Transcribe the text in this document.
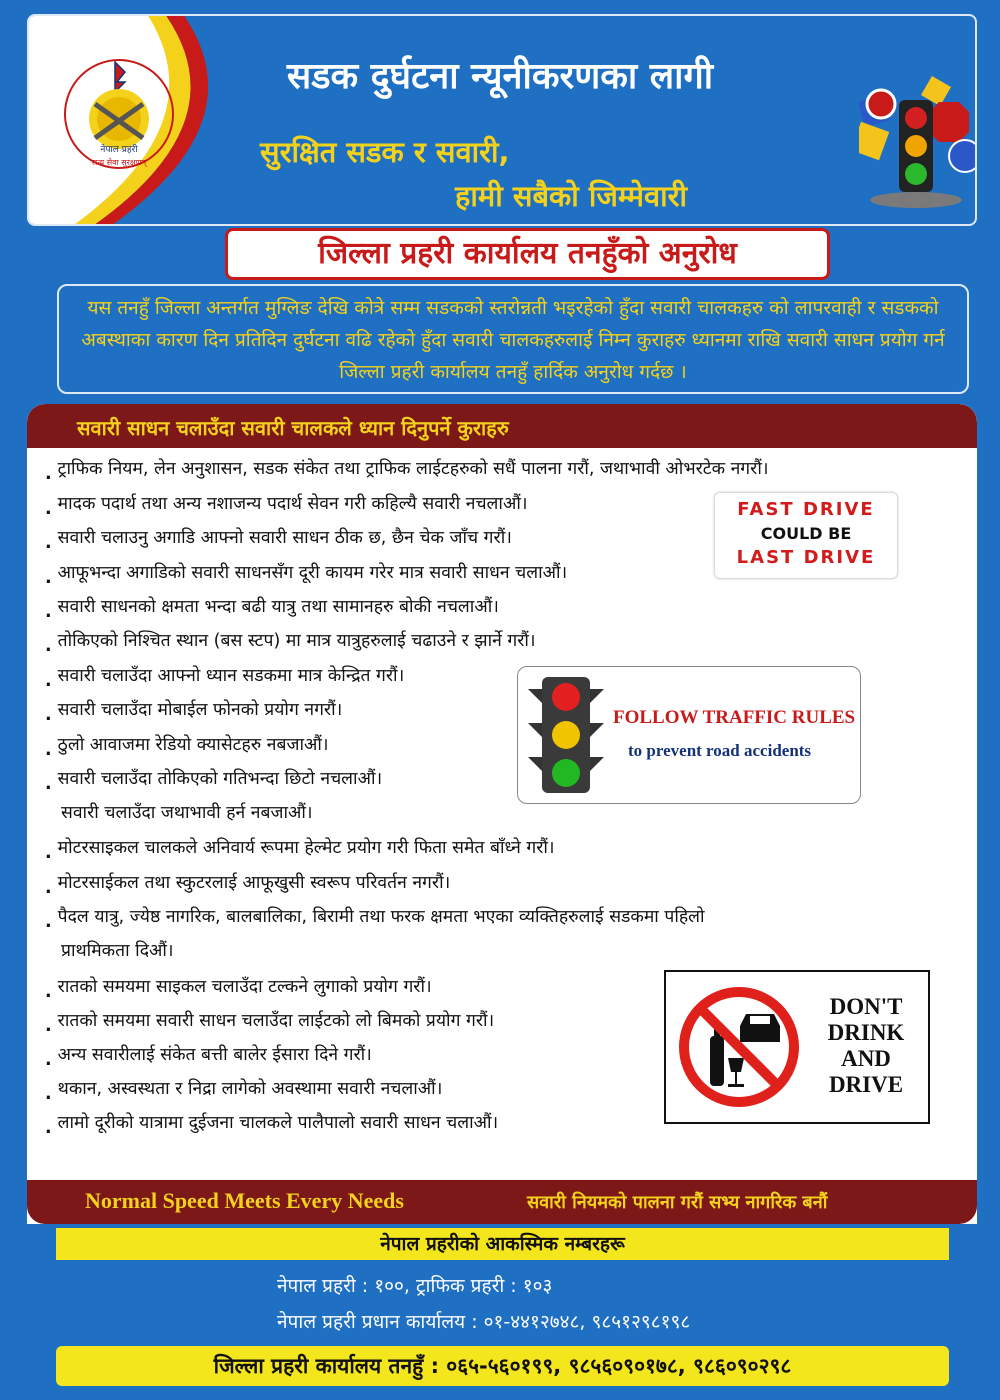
नेपाल प्रहरी
सत्य सेवा सुरक्षणम्
सडक दुर्घटना न्यूनीकरणका लागी
सुरक्षित सडक र सवारी,
हामी सबैको जिम्मेवारी
जिल्ला प्रहरी कार्यालय तनहुँको अनुरोध
यस तनहुँ जिल्ला अन्तर्गत मुग्लिङ देखि कोत्रे सम्म सडकको स्तरोन्नती भइरहेको हुँदा सवारी चालकहरु को लापरवाही र सडकको अबस्थाका कारण दिन प्रतिदिन दुर्घटना वढि रहेको हुँदा सवारी चालकहरुलाई निम्न कुराहरु ध्यानमा राखि सवारी साधन प्रयोग गर्न जिल्ला प्रहरी कार्यालय तनहुँ हार्दिक अनुरोध गर्दछ ।
सवारी साधन चलाउँदा सवारी चालकले ध्यान दिनुपर्ने कुराहरु
. ट्राफिक नियम, लेन अनुशासन, सडक संकेत तथा ट्राफिक लाईटहरुको सधैं पालना गरौं, जथाभावी ओभरटेक नगरौं।
. मादक पदार्थ तथा अन्य नशाजन्य पदार्थ सेवन गरी कहिल्यै सवारी नचलाऔं।
. सवारी चलाउनु अगाडि आफ्नो सवारी साधन ठीक छ, छैन चेक जाँच गरौं।
. आफूभन्दा अगाडिको सवारी साधनसँग दूरी कायम गरेर मात्र सवारी साधन चलाऔं।
. सवारी साधनको क्षमता भन्दा बढी यात्रु तथा सामानहरु बोकी नचलाऔं।
. तोकिएको निश्चित स्थान (बस स्टप) मा मात्र यात्रुहरुलाई चढाउने र झार्ने गरौं।
. सवारी चलाउँदा आफ्नो ध्यान सडकमा मात्र केन्द्रित गरौं।
. सवारी चलाउँदा मोबाईल फोनको प्रयोग नगरौं।
. ठुलो आवाजमा रेडियो क्यासेटहरु नबजाऔं।
. सवारी चलाउँदा तोकिएको गतिभन्दा छिटो नचलाऔं।
सवारी चलाउँदा जथाभावी हर्न नबजाऔं।
. मोटरसाइकल चालकले अनिवार्य रूपमा हेल्मेट प्रयोग गरी फिता समेत बाँध्ने गरौं।
. मोटरसाईकल तथा स्कुटरलाई आफूखुसी स्वरूप परिवर्तन नगरौं।
. पैदल यात्रु, ज्येष्ठ नागरिक, बालबालिका, बिरामी तथा फरक क्षमता भएका व्यक्तिहरुलाई सडकमा पहिलो
प्राथमिकता दिऔं।
. रातको समयमा साइकल चलाउँदा टल्कने लुगाको प्रयोग गरौं।
. रातको समयमा सवारी साधन चलाउँदा लाईटको लो बिमको प्रयोग गरौं।
. अन्य सवारीलाई संकेत बत्ती बालेर ईसारा दिने गरौं।
. थकान, अस्वस्थता र निद्रा लागेको अवस्थामा सवारी नचलाऔं।
. लामो दूरीको यात्रामा दुईजना चालकले पालैपालो सवारी साधन चलाऔं।
FAST DRIVE
COULD BE
LAST DRIVE
FOLLOW TRAFFIC RULES
to prevent road accidents
DON'T
DRINK
AND
DRIVE
Normal Speed Meets Every Needs	सवारी नियमको पालना गरौं सभ्य नागरिक बनौं
नेपाल प्रहरीको आकस्मिक नम्बरहरू
नेपाल प्रहरी : १००, ट्राफिक प्रहरी : १०३
नेपाल प्रहरी प्रधान कार्यालय : ०१-४४१२७४८, ९८५१२९८१९८
जिल्ला प्रहरी कार्यालय तनहुँ : ०६५-५६०१९९, ९८५६०९०१७८, ९८६०९०२९८
